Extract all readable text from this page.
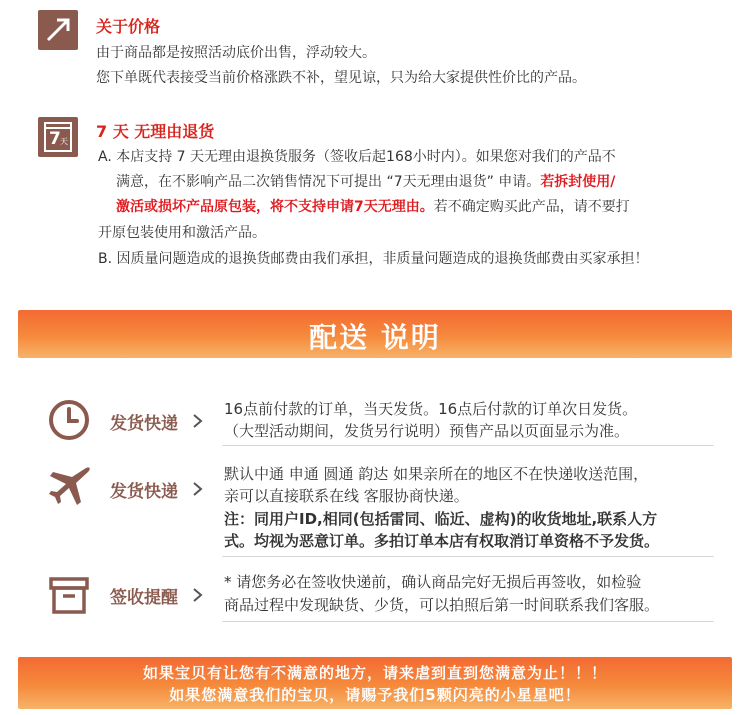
关于价格
由于商品都是按照活动底价出售，浮动较大。
您下单既代表接受当前价格涨跌不补，望见谅，只为给大家提供性价比的产品。
7 天
7 天 无理由退货
A. 本店支持 7 天无理由退换货服务（签收后起168小时内）。如果您对我们的产品不
满意，在不影响产品二次销售情况下可提出 “7天无理由退货” 申请。若拆封使用/
激活或损坏产品原包装，将不支持申请7天无理由。若不确定购买此产品，请不要打
开原包装使用和激活产品。
B. 因质量问题造成的退换货邮费由我们承担，非质量问题造成的退换货邮费由买家承担！
配送 说明
发货快递
16点前付款的订单，当天发货。16点后付款的订单次日发货。
（大型活动期间，发货另行说明）预售产品以页面显示为准。
发货快递
默认中通 申通 圆通 韵达 如果亲所在的地区不在快递收送范围，
亲可以直接联系在线 客服协商快递。
注：同用户ID,相同(包括雷同、临近、虚构)的收货地址,联系人方
式。均视为恶意订单。多拍订单本店有权取消订单资格不予发货。
签收提醒
* 请您务必在签收快递前，确认商品完好无损后再签收，如检验
商品过程中发现缺货、少货，可以拍照后第一时间联系我们客服。
如果宝贝有让您有不满意的地方，请来虐到直到您满意为止！！！
如果您满意我们的宝贝，请赐予我们5颗闪亮的小星星吧！
